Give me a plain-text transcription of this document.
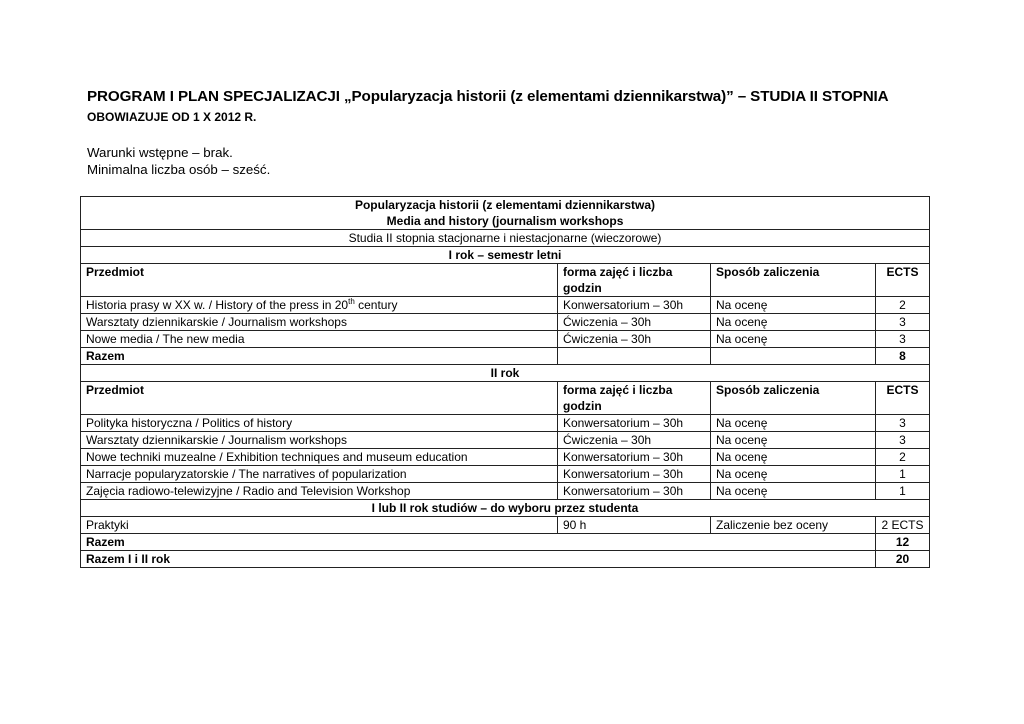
PROGRAM I PLAN SPECJALIZACJI „Popularyzacja historii (z elementami dziennikarstwa)” – STUDIA II STOPNIA
OBOWIAZUJE OD 1 X 2012 R.
Warunki wstępne – brak.
Minimalna liczba osób – sześć.
Popularyzacja historii (z elementami dziennikarstwa)
Media and history (journalism workshops			

Studia II stopnia stacjonarne i niestacjonarne (wieczorowe)			
I rok – semestr letni			
Przedmiot	forma zajęć i liczba godzin	Sposób zaliczenia	ECTS
Historia prasy w XX w. / History of the press in 20th century	Konwersatorium – 30h	Na ocenę	2
Warsztaty dziennikarskie / Journalism workshops	Ćwiczenia – 30h	Na ocenę	3
Nowe media / The new media	Ćwiczenia – 30h	Na ocenę	3
Razem			8
II rok			
Przedmiot	forma zajęć i liczba godzin	Sposób zaliczenia	ECTS
Polityka historyczna / Politics of history	Konwersatorium – 30h	Na ocenę	3
Warsztaty dziennikarskie / Journalism workshops	Ćwiczenia – 30h	Na ocenę	3
Nowe techniki muzealne / Exhibition techniques and museum education	Konwersatorium – 30h	Na ocenę	2
Narracje popularyzatorskie / The narratives of popularization	Konwersatorium – 30h	Na ocenę	1
Zajęcia radiowo-telewizyjne / Radio and Television Workshop	Konwersatorium – 30h	Na ocenę	1
I lub II rok studiów – do wyboru przez studenta			
Praktyki	90 h	Zaliczenie bez oceny	2 ECTS
Razem			12
Razem I i II rok			20
